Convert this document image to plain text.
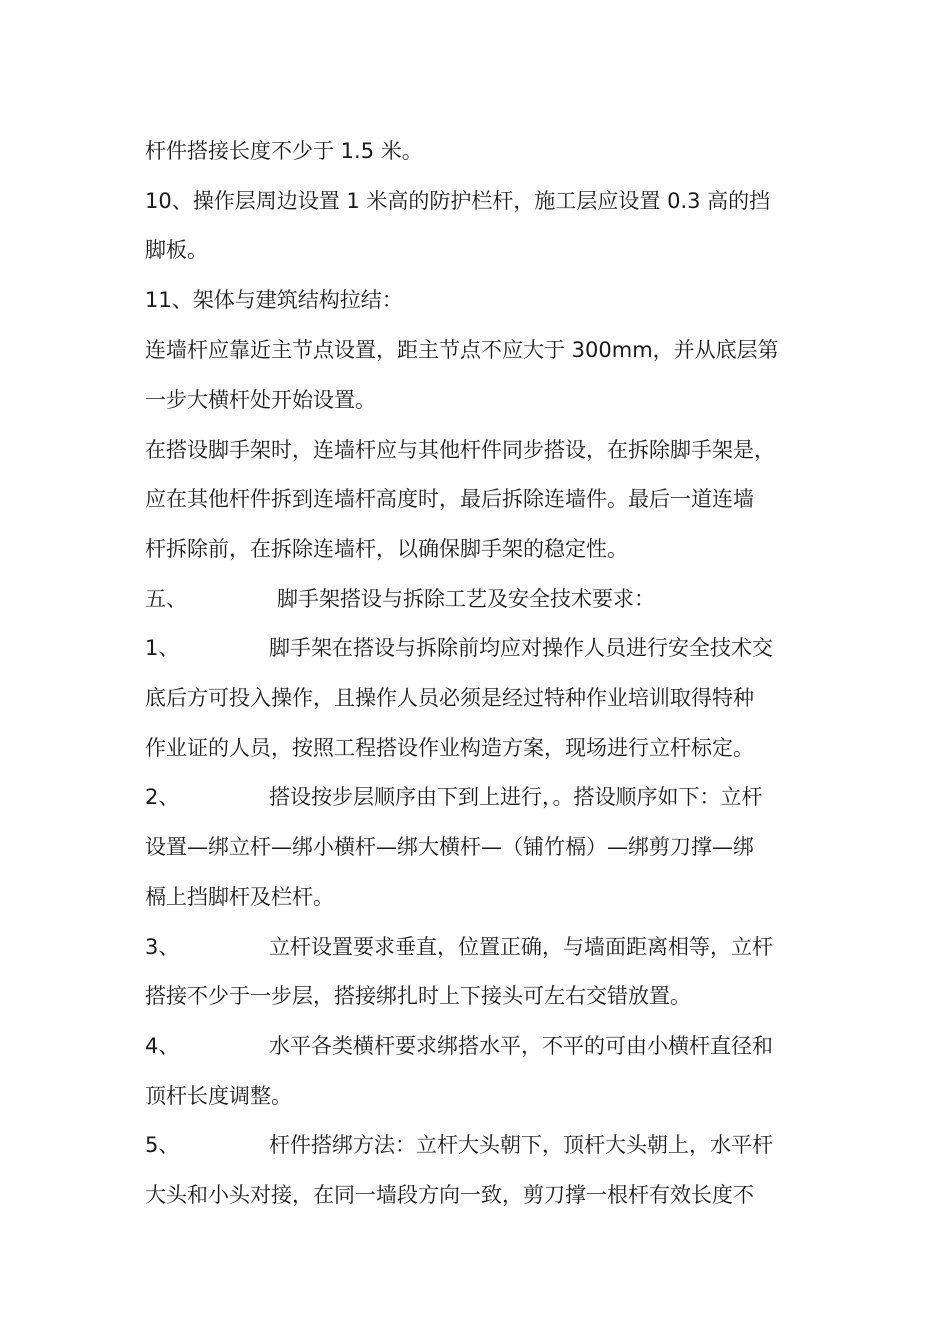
杆件搭接长度不少于 1.5 米。
10、操作层周边设置 1 米高的防护栏杆，施工层应设置 0.3 高的挡
脚板。
11、架体与建筑结构拉结：
连墙杆应靠近主节点设置，距主节点不应大于 300mm，并从底层第
一步大横杆处开始设置。
在搭设脚手架时，连墙杆应与其他杆件同步搭设，在拆除脚手架是，
应在其他杆件拆到连墙杆高度时，最后拆除连墙件。最后一道连墙
杆拆除前，在拆除连墙杆，以确保脚手架的稳定性。
五、	脚手架搭设与拆除工艺及安全技术要求：
1、	脚手架在搭设与拆除前均应对操作人员进行安全技术交
底后方可投入操作，且操作人员必须是经过特种作业培训取得特种
作业证的人员，按照工程搭设作业构造方案，现场进行立杆标定。
2、	搭设按步层顺序由下到上进行，。搭设顺序如下：立杆
设置—绑立杆—绑小横杆—绑大横杆—（铺竹槅）—绑剪刀撑—绑
槅上挡脚杆及栏杆。
3、	立杆设置要求垂直，位置正确，与墙面距离相等，立杆
搭接不少于一步层，搭接绑扎时上下接头可左右交错放置。
4、	水平各类横杆要求绑搭水平，不平的可由小横杆直径和
顶杆长度调整。
5、	杆件搭绑方法：立杆大头朝下，顶杆大头朝上，水平杆
大头和小头对接，在同一墙段方向一致，剪刀撑一根杆有效长度不
